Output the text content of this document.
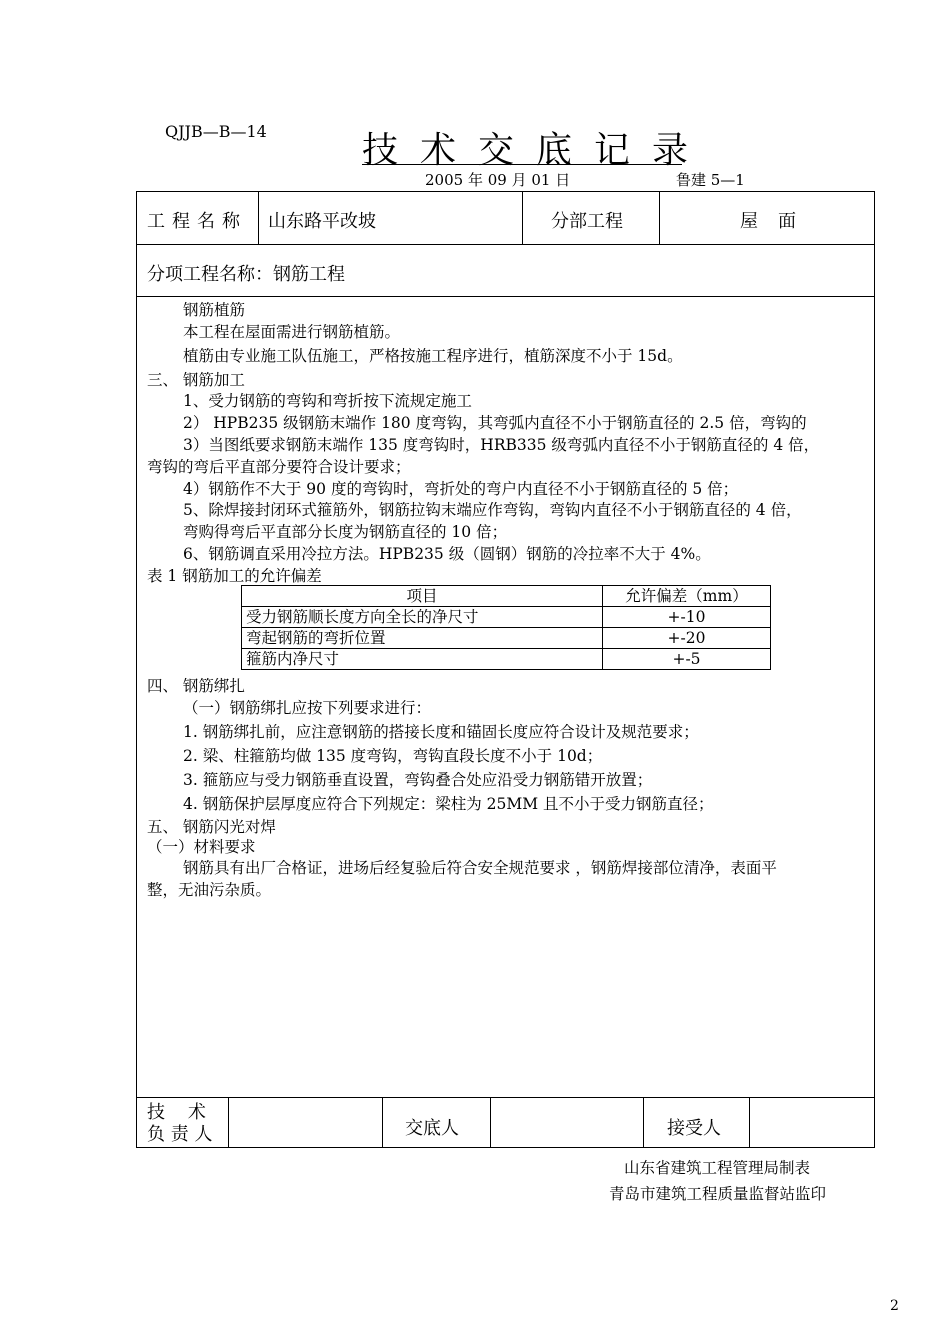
QJJB—B—14	技术交底记录
2005 年 09 月 01 日	鲁建 5—1
工程名称 山东路平改坡	分部工程	屋面
分项工程名称：钢筋工程
钢筋植筋
本工程在屋面需进行钢筋植筋。
植筋由专业施工队伍施工，严格按施工程序进行，植筋深度不小于 15d。
三、 钢筋加工
1、受力钢筋的弯钩和弯折按下流规定施工
2） HPB235 级钢筋末端作 180 度弯钩，其弯弧内直径不小于钢筋直径的 2.5 倍，弯钩的
3）当图纸要求钢筋末端作 135 度弯钩时，HRB335 级弯弧内直径不小于钢筋直径的 4 倍，
弯钩的弯后平直部分要符合设计要求；
4）钢筋作不大于 90 度的弯钩时，弯折处的弯户内直径不小于钢筋直径的 5 倍；
5、除焊接封闭环式箍筋外，钢筋拉钩末端应作弯钩，弯钩内直径不小于钢筋直径的 4 倍，
弯购得弯后平直部分长度为钢筋直径的 10 倍；
6、钢筋调直采用冷拉方法。HPB235 级（圆钢）钢筋的冷拉率不大于 4%。
表 1 钢筋加工的允许偏差
项目	允许偏差（mm）
受力钢筋顺长度方向全长的净尺寸	+-10
弯起钢筋的弯折位置	+-20
箍筋内净尺寸	+-5
四、 钢筋绑扎
（一）钢筋绑扎应按下列要求进行：
1. 钢筋绑扎前，应注意钢筋的搭接长度和锚固长度应符合设计及规范要求；
2. 梁、柱箍筋均做 135 度弯钩，弯钩直段长度不小于 10d；
3. 箍筋应与受力钢筋垂直设置，弯钩叠合处应沿受力钢筋错开放置；
4. 钢筋保护层厚度应符合下列规定：梁柱为 25MM 且不小于受力钢筋直径；
五、 钢筋闪光对焊
（一）材料要求
钢筋具有出厂合格证，进场后经复验后符合安全规范要求 ，钢筋焊接部位清净，表面平
整，无油污杂质。
技    术
负 责 人	交底人	接受人
山东省建筑工程管理局制表
青岛市建筑工程质量监督站监印
2
